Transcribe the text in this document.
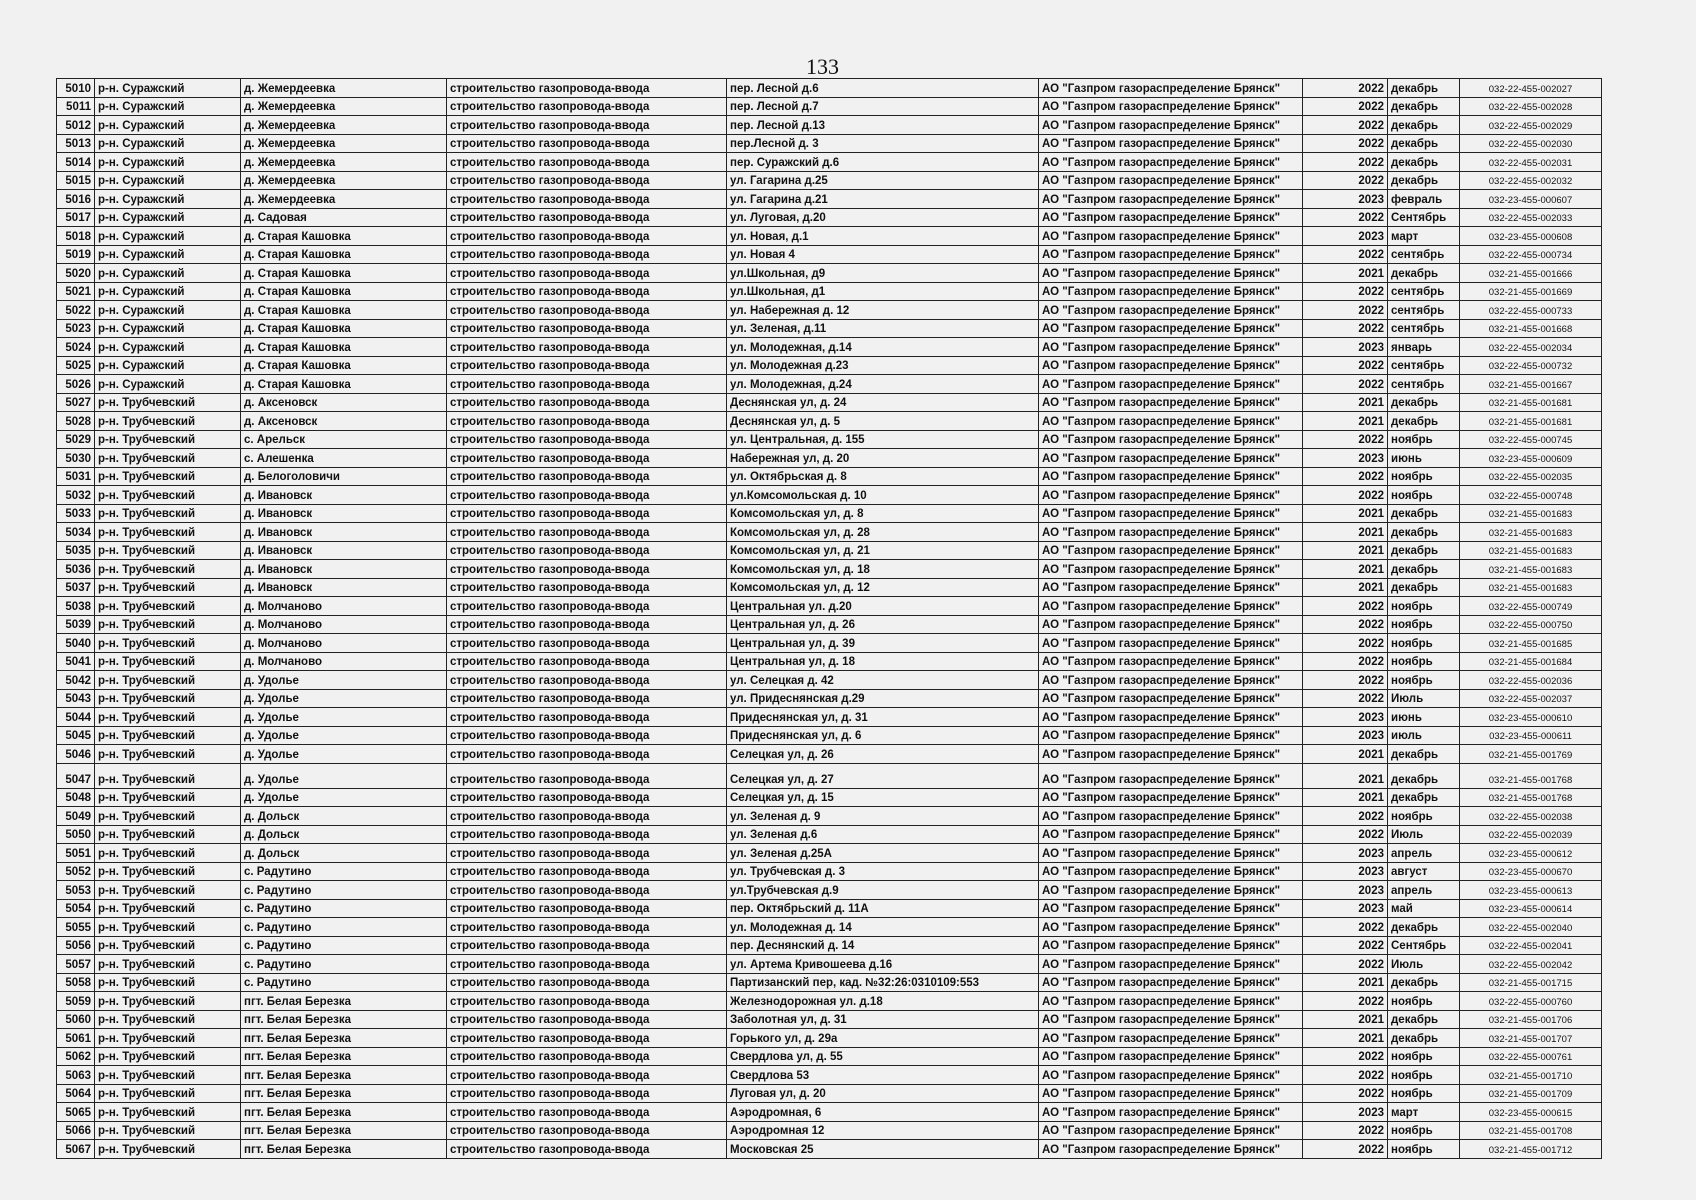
133
5010	р-н. Суражский	д. Жемердеевка	строительство газопровода-ввода	пер. Лесной д.6	АО "Газпром газораспределение Брянск"	2022	декабрь	032-22-455-002027
5011	р-н. Суражский	д. Жемердеевка	строительство газопровода-ввода	пер. Лесной д.7	АО "Газпром газораспределение Брянск"	2022	декабрь	032-22-455-002028
5012	р-н. Суражский	д. Жемердеевка	строительство газопровода-ввода	пер. Лесной д.13	АО "Газпром газораспределение Брянск"	2022	декабрь	032-22-455-002029
5013	р-н. Суражский	д. Жемердеевка	строительство газопровода-ввода	пер.Лесной д. 3	АО "Газпром газораспределение Брянск"	2022	декабрь	032-22-455-002030
5014	р-н. Суражский	д. Жемердеевка	строительство газопровода-ввода	пер. Суражский д.6	АО "Газпром газораспределение Брянск"	2022	декабрь	032-22-455-002031
5015	р-н. Суражский	д. Жемердеевка	строительство газопровода-ввода	ул. Гагарина д.25	АО "Газпром газораспределение Брянск"	2022	декабрь	032-22-455-002032
5016	р-н. Суражский	д. Жемердеевка	строительство газопровода-ввода	ул. Гагарина д.21	АО "Газпром газораспределение Брянск"	2023	февраль	032-23-455-000607
5017	р-н. Суражский	д. Садовая	строительство газопровода-ввода	ул. Луговая, д.20	АО "Газпром газораспределение Брянск"	2022	Сентябрь	032-22-455-002033
5018	р-н. Суражский	д. Старая Кашовка	строительство газопровода-ввода	ул. Новая, д.1	АО "Газпром газораспределение Брянск"	2023	март	032-23-455-000608
5019	р-н. Суражский	д. Старая Кашовка	строительство газопровода-ввода	ул. Новая 4	АО "Газпром газораспределение Брянск"	2022	сентябрь	032-22-455-000734
5020	р-н. Суражский	д. Старая Кашовка	строительство газопровода-ввода	ул.Школьная, д9	АО "Газпром газораспределение Брянск"	2021	декабрь	032-21-455-001666
5021	р-н. Суражский	д. Старая Кашовка	строительство газопровода-ввода	ул.Школьная, д1	АО "Газпром газораспределение Брянск"	2022	сентябрь	032-21-455-001669
5022	р-н. Суражский	д. Старая Кашовка	строительство газопровода-ввода	ул. Набережная д. 12	АО "Газпром газораспределение Брянск"	2022	сентябрь	032-22-455-000733
5023	р-н. Суражский	д. Старая Кашовка	строительство газопровода-ввода	ул. Зеленая, д.11	АО "Газпром газораспределение Брянск"	2022	сентябрь	032-21-455-001668
5024	р-н. Суражский	д. Старая Кашовка	строительство газопровода-ввода	ул. Молодежная, д.14	АО "Газпром газораспределение Брянск"	2023	январь	032-22-455-002034
5025	р-н. Суражский	д. Старая Кашовка	строительство газопровода-ввода	ул. Молодежная д.23	АО "Газпром газораспределение Брянск"	2022	сентябрь	032-22-455-000732
5026	р-н. Суражский	д. Старая Кашовка	строительство газопровода-ввода	ул. Молодежная, д.24	АО "Газпром газораспределение Брянск"	2022	сентябрь	032-21-455-001667
5027	р-н. Трубчевский	д. Аксеновск	строительство газопровода-ввода	Деснянская ул, д. 24	АО "Газпром газораспределение Брянск"	2021	декабрь	032-21-455-001681
5028	р-н. Трубчевский	д. Аксеновск	строительство газопровода-ввода	Деснянская ул, д. 5	АО "Газпром газораспределение Брянск"	2021	декабрь	032-21-455-001681
5029	р-н. Трубчевский	с. Арельск	строительство газопровода-ввода	ул. Центральная, д. 155	АО "Газпром газораспределение Брянск"	2022	ноябрь	032-22-455-000745
5030	р-н. Трубчевский	с. Алешенка	строительство газопровода-ввода	Набережная ул, д. 20	АО "Газпром газораспределение Брянск"	2023	июнь	032-23-455-000609
5031	р-н. Трубчевский	д. Белоголовичи	строительство газопровода-ввода	ул. Октябрьская д. 8	АО "Газпром газораспределение Брянск"	2022	ноябрь	032-22-455-002035
5032	р-н. Трубчевский	д. Ивановск	строительство газопровода-ввода	ул.Комсомольская д. 10	АО "Газпром газораспределение Брянск"	2022	ноябрь	032-22-455-000748
5033	р-н. Трубчевский	д. Ивановск	строительство газопровода-ввода	Комсомольская ул, д. 8	АО "Газпром газораспределение Брянск"	2021	декабрь	032-21-455-001683
5034	р-н. Трубчевский	д. Ивановск	строительство газопровода-ввода	Комсомольская ул, д. 28	АО "Газпром газораспределение Брянск"	2021	декабрь	032-21-455-001683
5035	р-н. Трубчевский	д. Ивановск	строительство газопровода-ввода	Комсомольская ул, д. 21	АО "Газпром газораспределение Брянск"	2021	декабрь	032-21-455-001683
5036	р-н. Трубчевский	д. Ивановск	строительство газопровода-ввода	Комсомольская ул, д. 18	АО "Газпром газораспределение Брянск"	2021	декабрь	032-21-455-001683
5037	р-н. Трубчевский	д. Ивановск	строительство газопровода-ввода	Комсомольская ул, д. 12	АО "Газпром газораспределение Брянск"	2021	декабрь	032-21-455-001683
5038	р-н. Трубчевский	д. Молчаново	строительство газопровода-ввода	Центральная ул. д.20	АО "Газпром газораспределение Брянск"	2022	ноябрь	032-22-455-000749
5039	р-н. Трубчевский	д. Молчаново	строительство газопровода-ввода	Центральная ул, д. 26	АО "Газпром газораспределение Брянск"	2022	ноябрь	032-22-455-000750
5040	р-н. Трубчевский	д. Молчаново	строительство газопровода-ввода	Центральная ул, д. 39	АО "Газпром газораспределение Брянск"	2022	ноябрь	032-21-455-001685
5041	р-н. Трубчевский	д. Молчаново	строительство газопровода-ввода	Центральная ул, д. 18	АО "Газпром газораспределение Брянск"	2022	ноябрь	032-21-455-001684
5042	р-н. Трубчевский	д. Удолье	строительство газопровода-ввода	ул. Селецкая д. 42	АО "Газпром газораспределение Брянск"	2022	ноябрь	032-22-455-002036
5043	р-н. Трубчевский	д. Удолье	строительство газопровода-ввода	ул. Придеснянская д.29	АО "Газпром газораспределение Брянск"	2022	Июль	032-22-455-002037
5044	р-н. Трубчевский	д. Удолье	строительство газопровода-ввода	Придеснянская ул, д. 31	АО "Газпром газораспределение Брянск"	2023	июнь	032-23-455-000610
5045	р-н. Трубчевский	д. Удолье	строительство газопровода-ввода	Придеснянская ул, д. 6	АО "Газпром газораспределение Брянск"	2023	июль	032-23-455-000611
5046	р-н. Трубчевский	д. Удолье	строительство газопровода-ввода	Селецкая ул, д. 26	АО "Газпром газораспределение Брянск"	2021	декабрь	032-21-455-001769
5047	р-н. Трубчевский	д. Удолье	строительство газопровода-ввода	Селецкая ул, д. 27	АО "Газпром газораспределение Брянск"	2021	декабрь	032-21-455-001768
5048	р-н. Трубчевский	д. Удолье	строительство газопровода-ввода	Селецкая ул, д. 15	АО "Газпром газораспределение Брянск"	2021	декабрь	032-21-455-001768
5049	р-н. Трубчевский	д. Дольск	строительство газопровода-ввода	ул. Зеленая д. 9	АО "Газпром газораспределение Брянск"	2022	ноябрь	032-22-455-002038
5050	р-н. Трубчевский	д. Дольск	строительство газопровода-ввода	ул. Зеленая д.6	АО "Газпром газораспределение Брянск"	2022	Июль	032-22-455-002039
5051	р-н. Трубчевский	д. Дольск	строительство газопровода-ввода	ул. Зеленая д.25А	АО "Газпром газораспределение Брянск"	2023	апрель	032-23-455-000612
5052	р-н. Трубчевский	с. Радутино	строительство газопровода-ввода	ул. Трубчевская д. 3	АО "Газпром газораспределение Брянск"	2023	август	032-23-455-000670
5053	р-н. Трубчевский	с. Радутино	строительство газопровода-ввода	ул.Трубчевская д.9	АО "Газпром газораспределение Брянск"	2023	апрель	032-23-455-000613
5054	р-н. Трубчевский	с. Радутино	строительство газопровода-ввода	пер. Октябрьский д. 11А	АО "Газпром газораспределение Брянск"	2023	май	032-23-455-000614
5055	р-н. Трубчевский	с. Радутино	строительство газопровода-ввода	ул. Молодежная д. 14	АО "Газпром газораспределение Брянск"	2022	декабрь	032-22-455-002040
5056	р-н. Трубчевский	с. Радутино	строительство газопровода-ввода	пер. Деснянский д. 14	АО "Газпром газораспределение Брянск"	2022	Сентябрь	032-22-455-002041
5057	р-н. Трубчевский	с. Радутино	строительство газопровода-ввода	ул. Артема Кривошеева д.16	АО "Газпром газораспределение Брянск"	2022	Июль	032-22-455-002042
5058	р-н. Трубчевский	с. Радутино	строительство газопровода-ввода	Партизанский пер, кад. №32:26:0310109:553	АО "Газпром газораспределение Брянск"	2021	декабрь	032-21-455-001715
5059	р-н. Трубчевский	пгт. Белая Березка	строительство газопровода-ввода	Железнодорожная ул. д.18	АО "Газпром газораспределение Брянск"	2022	ноябрь	032-22-455-000760
5060	р-н. Трубчевский	пгт. Белая Березка	строительство газопровода-ввода	Заболотная ул, д. 31	АО "Газпром газораспределение Брянск"	2021	декабрь	032-21-455-001706
5061	р-н. Трубчевский	пгт. Белая Березка	строительство газопровода-ввода	Горького ул, д. 29а	АО "Газпром газораспределение Брянск"	2021	декабрь	032-21-455-001707
5062	р-н. Трубчевский	пгт. Белая Березка	строительство газопровода-ввода	Свердлова ул, д. 55	АО "Газпром газораспределение Брянск"	2022	ноябрь	032-22-455-000761
5063	р-н. Трубчевский	пгт. Белая Березка	строительство газопровода-ввода	Свердлова 53	АО "Газпром газораспределение Брянск"	2022	ноябрь	032-21-455-001710
5064	р-н. Трубчевский	пгт. Белая Березка	строительство газопровода-ввода	Луговая ул, д. 20	АО "Газпром газораспределение Брянск"	2022	ноябрь	032-21-455-001709
5065	р-н. Трубчевский	пгт. Белая Березка	строительство газопровода-ввода	Аэродромная, 6	АО "Газпром газораспределение Брянск"	2023	март	032-23-455-000615
5066	р-н. Трубчевский	пгт. Белая Березка	строительство газопровода-ввода	Аэродромная 12	АО "Газпром газораспределение Брянск"	2022	ноябрь	032-21-455-001708
5067	р-н. Трубчевский	пгт. Белая Березка	строительство газопровода-ввода	Московская 25	АО "Газпром газораспределение Брянск"	2022	ноябрь	032-21-455-001712
